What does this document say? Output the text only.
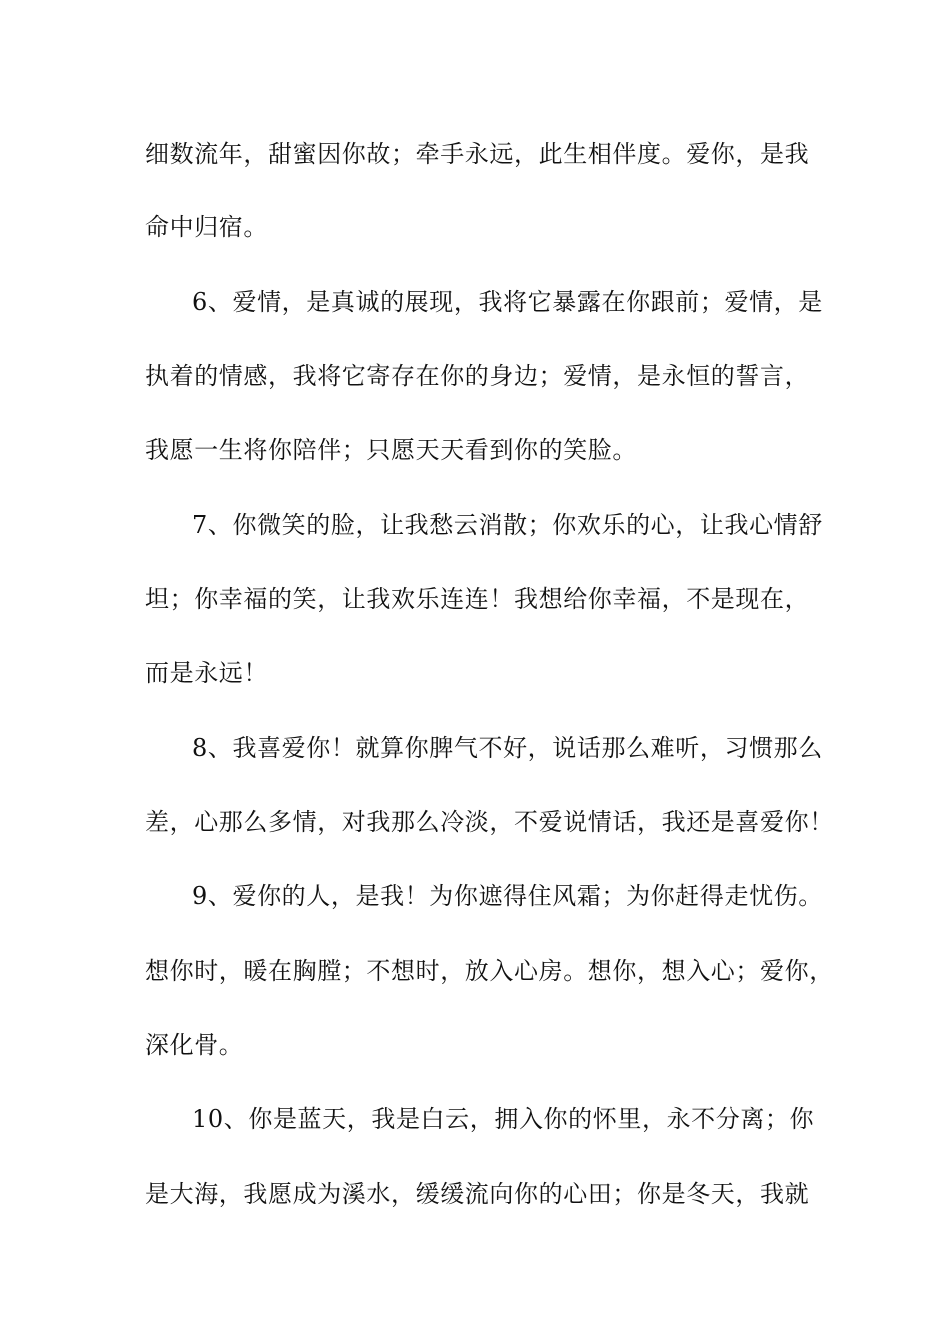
细数流年，甜蜜因你故；牵手永远，此生相伴度。爱你，是我
命中归宿。
6、爱情，是真诚的展现，我将它暴露在你跟前；爱情，是
执着的情感，我将它寄存在你的身边；爱情，是永恒的誓言，
我愿一生将你陪伴；只愿天天看到你的笑脸。
7、你微笑的脸，让我愁云消散；你欢乐的心，让我心情舒
坦；你幸福的笑，让我欢乐连连！我想给你幸福，不是现在，
而是永远！
8、我喜爱你！就算你脾气不好，说话那么难听，习惯那么
差，心那么多情，对我那么冷淡，不爱说情话，我还是喜爱你！
9、爱你的人，是我！为你遮得住风霜；为你赶得走忧伤。
想你时，暖在胸膛；不想时，放入心房。想你，想入心；爱你，
深化骨。
10、你是蓝天，我是白云，拥入你的怀里，永不分离；你
是大海，我愿成为溪水，缓缓流向你的心田；你是冬天，我就
